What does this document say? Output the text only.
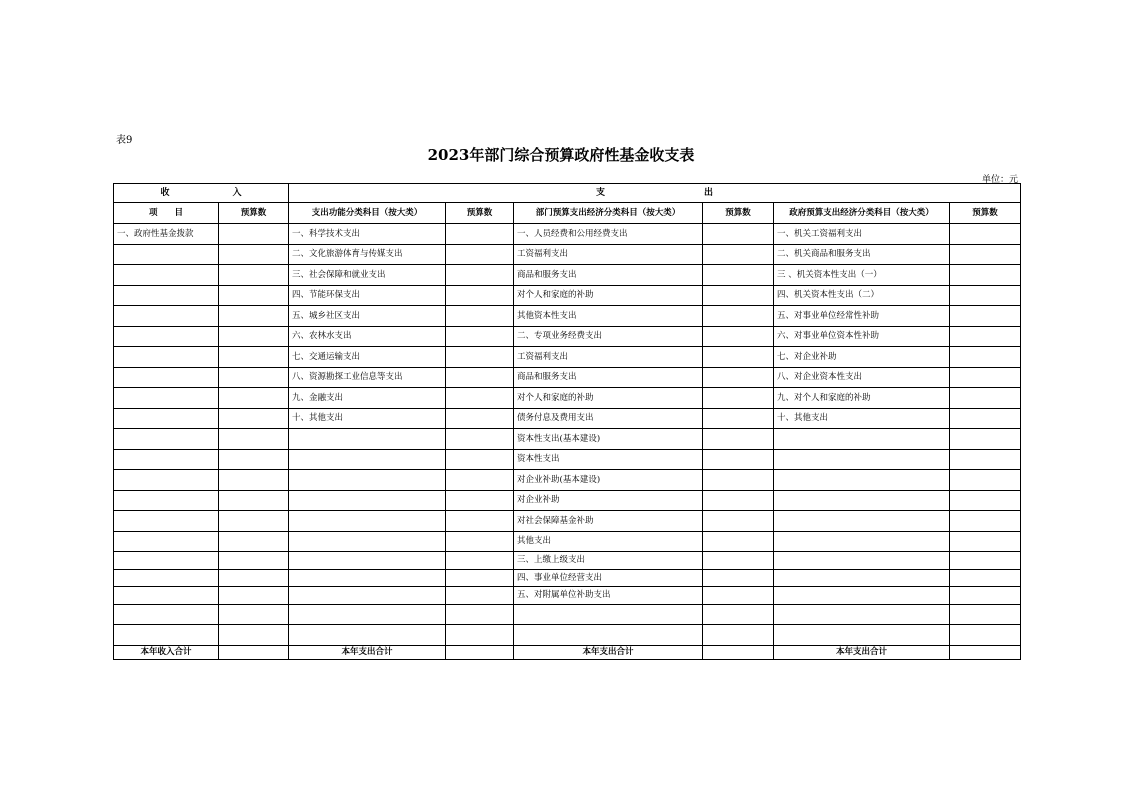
表9
2023年部门综合预算政府性基金收支表
单位：元
收　　　　　　　入		支　　　　　　　　　　　出					
项　　目	预算数	支出功能分类科目（按大类）	预算数	部门预算支出经济分类科目（按大类）	预算数	政府预算支出经济分类科目（按大类）	预算数
一、政府性基金拨款		一、科学技术支出		一、人员经费和公用经费支出		一、机关工资福利支出	
		二、文化旅游体育与传媒支出		工资福利支出		二、机关商品和服务支出	
		三、社会保障和就业支出		商品和服务支出		三 、机关资本性支出（一）	
		四、节能环保支出		对个人和家庭的补助		四、机关资本性支出（二）	
		五、城乡社区支出		其他资本性支出		五、对事业单位经常性补助	
		六、农林水支出		二、专项业务经费支出		六、对事业单位资本性补助	
		七、交通运输支出		工资福利支出		七、对企业补助	
		八、资源勘探工业信息等支出		商品和服务支出		八、对企业资本性支出	
		九、金融支出		对个人和家庭的补助		九、对个人和家庭的补助	
		十、其他支出		债务付息及费用支出		十、其他支出	
				资本性支出(基本建设)			
				资本性支出			
				对企业补助(基本建设)			
				对企业补助			
				对社会保障基金补助			
				其他支出			
				三、上缴上级支出			
				四、事业单位经营支出			
				五、对附属单位补助支出			

本年收入合计		本年支出合计		本年支出合计		本年支出合计	
